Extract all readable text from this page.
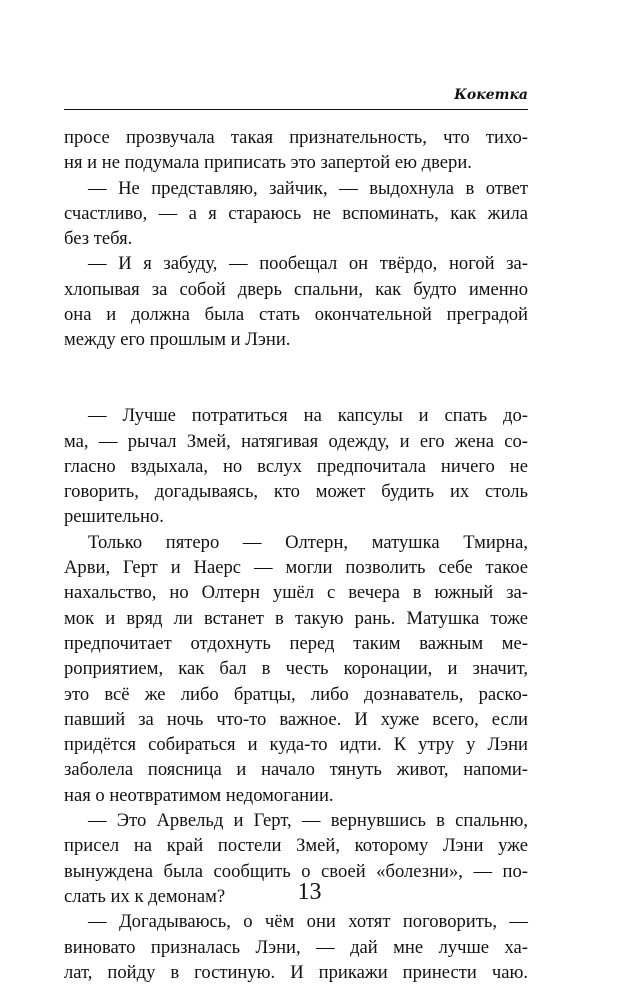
Кокетка
просе прозвучала такая признательность, что тихо-
ня и не подумала приписать это запертой ею двери.
— Не представляю, зайчик, — выдохнула в ответ
счастливо, — а я стараюсь не вспоминать, как жила
без тебя.
— И я забуду, — пообещал он твёрдо, ногой за-
хлопывая за собой дверь спальни, как будто именно
она и должна была стать окончательной преградой
между его прошлым и Лэни.
— Лучше потратиться на капсулы и спать до-
ма, — рычал Змей, натягивая одежду, и его жена со-
гласно вздыхала, но вслух предпочитала ничего не
говорить, догадываясь, кто может будить их столь
решительно.
Только пятеро — Олтерн, матушка Тмирна,
Арви, Герт и Наерс — могли позволить себе такое
нахальство, но Олтерн ушёл с вечера в южный за-
мок и вряд ли встанет в такую рань. Матушка тоже
предпочитает отдохнуть перед таким важным ме-
роприятием, как бал в честь коронации, и значит,
это всё же либо братцы, либо дознаватель, раско-
павший за ночь что-то важное. И хуже всего, если
придётся собираться и куда-то идти. К утру у Лэни
заболела поясница и начало тянуть живот, напоми-
ная о неотвратимом недомогании.
— Это Арвельд и Герт, — вернувшись в спальню,
присел на край постели Змей, которому Лэни уже
вынуждена была сообщить о своей «болезни», — по-
слать их к демонам?
— Догадываюсь, о чём они хотят поговорить, —
виновато призналась Лэни, — дай мне лучше ха-
лат, пойду в гостиную. И прикажи принести чаю.
13
